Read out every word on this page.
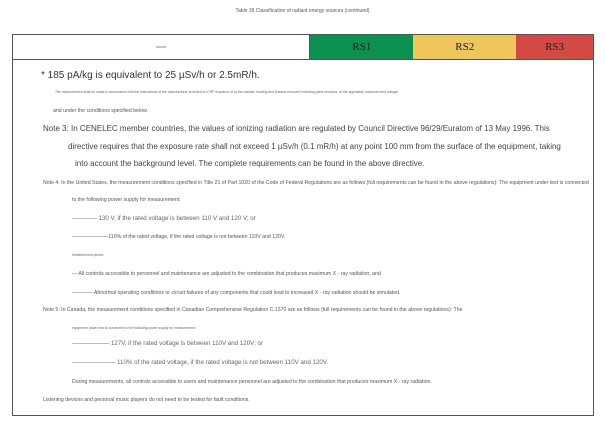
Table 39 Classification of radiant energy sources (continued)
source	RS1	RS2	RS3
* 185 pA/kg is equivalent to 25 µSv/h or 2.5mR/h.
The measurement shall be made in accordance with the instructions of the manufacturer provided to ICRP exposure of at the cabinet, heating and chassis removed including parts removed, at the applicable maximum test voltage
and under the conditions specified below.
Note 3: In CENELEC member countries, the values of ionizing radiation are regulated by Council Directive 96/29/Euratom of 13 May 1996. This
directive requires that the exposure rate shall not exceed 1 µSv/h (0.1 mR/h) at any point 100 mm from the surface of the equipment, taking
into account the background level. The complete requirements can be found in the above directive.
Note 4: In the United States, the measurement conditions specified in Title 21 of Part 1020 of the Code of Federal Regulations are as follows (full requirements can be found in the above regulations): The equipment under test is connected
to the following power supply for measurement:
———— 130 V, if the rated voltage is between 110 V and 120 V; or
———————110% of the rated voltage, if the rated voltage is not between 110V and 120V.
Measurement period:
— All controls accessible to personnel and maintenance are adjusted to the combination that produces maximum X - ray radiation; and
———— Abnormal operating conditions or circuit failures of any components that could lead to increased X - ray radiation should be simulated.
Note 5: In Canada, the measurement conditions specified in Canadian Comprehensive Regulation C.1370 are as follows (full requirements can be found in the above regulations): The
equipment under test is connected to the following power supply for measurement:
—————— 127V, if the rated voltage is between 110V and 120V; or
——————— 110% of the rated voltage, if the rated voltage is not between 110V and 120V.
During measurements, all controls accessible to users and maintenance personnel are adjusted to the combination that produces maximum X - ray radiation.
Listening devices and personal music players do not need to be tested for fault conditions.
